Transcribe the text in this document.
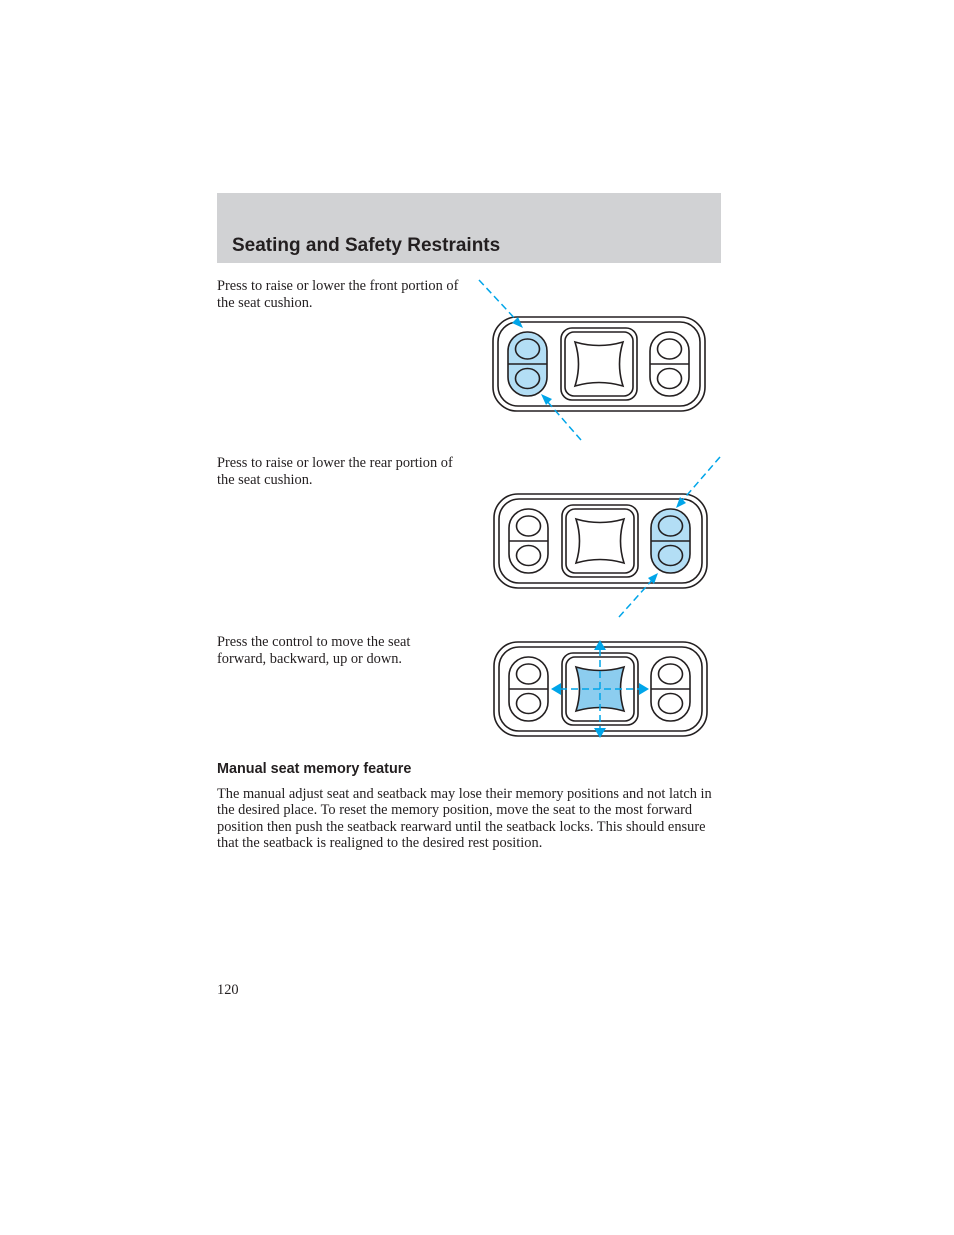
Seating and Safety Restraints

Press to raise or lower the front portion of the seat cushion.

Press to raise or lower the rear portion of the seat cushion.

Press the control to move the seat forward, backward, up or down.

Manual seat memory feature

The manual adjust seat and seatback may lose their memory positions and not latch in the desired place. To reset the memory position, move the seat to the most forward position then push the seatback rearward until the seatback locks. This should ensure that the seatback is realigned to the desired rest position.

120
